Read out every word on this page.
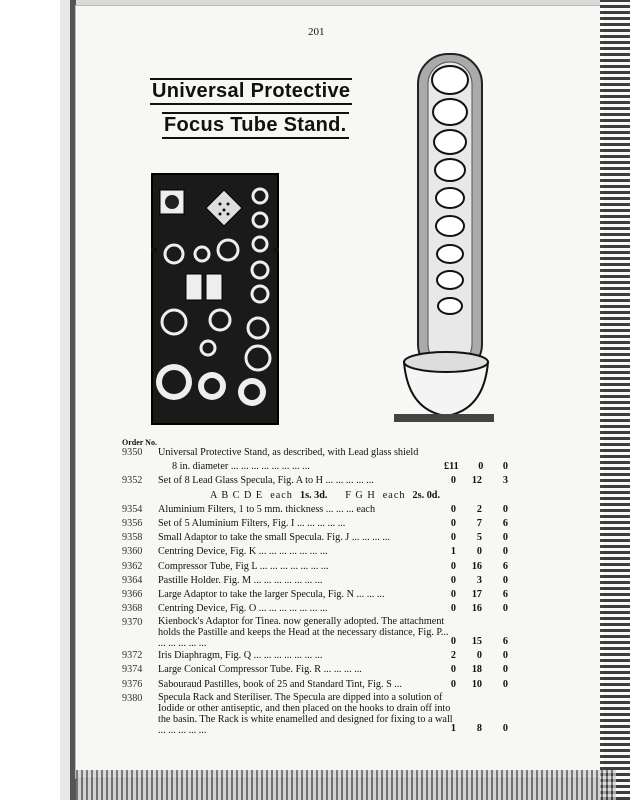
201
Universal Protective
Focus Tube Stand.
Order No.
9350	Universal Protective Stand, as described, with Lead glass shield
8 in. diameter ... ... ... ... ... ... ... ...	£11	0	0
9352	Set of 8 Lead Glass Specula, Fig. A to H ... ... ... ... ...	0 12	3
A B C D E each 1s. 3d. F G H each 2s. 0d.
9354	Aluminium Filters, 1 to 5 mm. thickness ... ... ... each	0	2	0
9356	Set of 5 Aluminium Filters, Fig. I ... ... ... ... ...	0	7	6
9358	Small Adaptor to take the small Specula. Fig. J ... ... ... ...	0	5	0
9360	Centring Device, Fig. K ... ... ... ... ... ... ...	1	0	0
9362	Compressor Tube, Fig L ... ... ... ... ... ... ...	0 16	6
9364	Pastille Holder. Fig. M ... ... ... ... ... ... ...	0	3	0
9366	Large Adaptor to take the larger Specula, Fig. N ... ... ...	0 17	6
9368	Centring Device, Fig. O ... ... ... ... ... ... ...	0 16	0
9370	Kienbock's Adaptor for Tinea. now generally adopted. The attachment holds the Pastille and keeps the Head at the necessary distance, Fig. P... ... ... ... ... ...	0 15	6
9372	Iris Diaphragm, Fig. Q ... ... ... ... ... ... ...	2	0	0
9374	Large Conical Compressor Tube. Fig. R ... ... ... ...	0 18	0
9376	Sabouraud Pastilles, book of 25 and Standard Tint, Fig. S ...	0 10	0
9380	Specula Rack and Steriliser. The Specula are dipped into a solution of Iodide or other antiseptic, and then placed on the hooks to drain off into the basin. The Rack is white enamelled and designed for fixing to a wall ... ... ... ... ...	1	8	0
